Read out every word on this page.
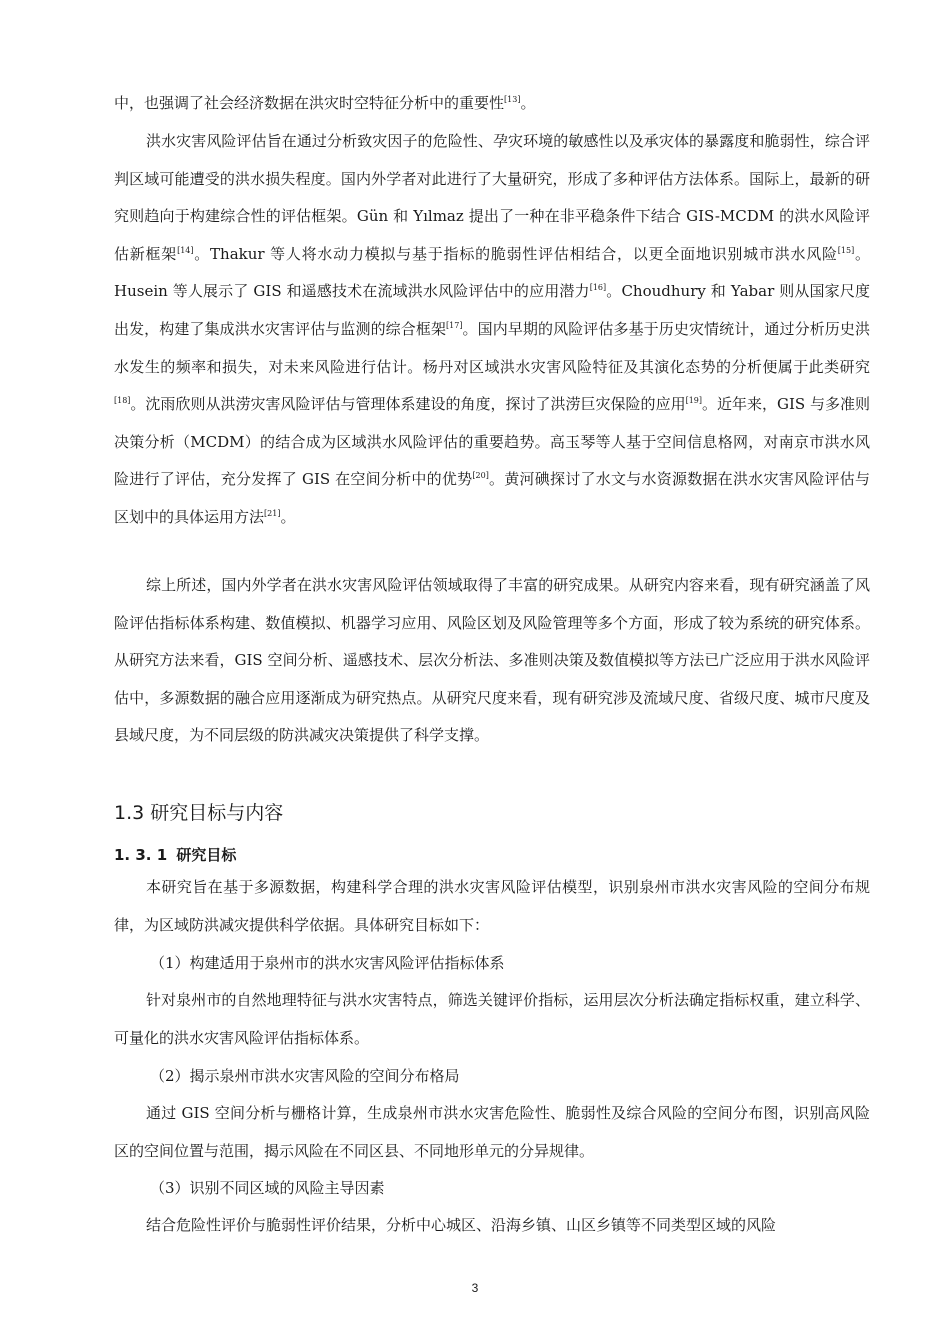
中，也强调了社会经济数据在洪灾时空特征分析中的重要性[13]。

洪水灾害风险评估旨在通过分析致灾因子的危险性、孕灾环境的敏感性以及承灾体的暴露度和脆弱性，综合评判区域可能遭受的洪水损失程度。国内外学者对此进行了大量研究，形成了多种评估方法体系。国际上，最新的研究则趋向于构建综合性的评估框架。Gün 和 Yılmaz 提出了一种在非平稳条件下结合 GIS-MCDM 的洪水风险评估新框架[14]。Thakur 等人将水动力模拟与基于指标的脆弱性评估相结合，以更全面地识别城市洪水风险[15]。Husein 等人展示了 GIS 和遥感技术在流域洪水风险评估中的应用潜力[16]。Choudhury 和 Yabar 则从国家尺度出发，构建了集成洪水灾害评估与监测的综合框架[17]。国内早期的风险评估多基于历史灾情统计，通过分析历史洪水发生的频率和损失，对未来风险进行估计。杨丹对区域洪水灾害风险特征及其演化态势的分析便属于此类研究[18]。沈雨欣则从洪涝灾害风险评估与管理体系建设的角度，探讨了洪涝巨灾保险的应用[19]。近年来，GIS 与多准则决策分析（MCDM）的结合成为区域洪水风险评估的重要趋势。高玉琴等人基于空间信息格网，对南京市洪水风险进行了评估，充分发挥了 GIS 在空间分析中的优势[20]。黄河碘探讨了水文与水资源数据在洪水灾害风险评估与区划中的具体运用方法[21]。

综上所述，国内外学者在洪水灾害风险评估领域取得了丰富的研究成果。从研究内容来看，现有研究涵盖了风险评估指标体系构建、数值模拟、机器学习应用、风险区划及风险管理等多个方面，形成了较为系统的研究体系。从研究方法来看，GIS 空间分析、遥感技术、层次分析法、多准则决策及数值模拟等方法已广泛应用于洪水风险评估中，多源数据的融合应用逐渐成为研究热点。从研究尺度来看，现有研究涉及流域尺度、省级尺度、城市尺度及县域尺度，为不同层级的防洪减灾决策提供了科学支撑。

1.3 研究目标与内容
1. 3. 1 研究目标

本研究旨在基于多源数据，构建科学合理的洪水灾害风险评估模型，识别泉州市洪水灾害风险的空间分布规律，为区域防洪减灾提供科学依据。具体研究目标如下：

（1）构建适用于泉州市的洪水灾害风险评估指标体系

针对泉州市的自然地理特征与洪水灾害特点，筛选关键评价指标，运用层次分析法确定指标权重，建立科学、可量化的洪水灾害风险评估指标体系。

（2）揭示泉州市洪水灾害风险的空间分布格局

通过 GIS 空间分析与栅格计算，生成泉州市洪水灾害危险性、脆弱性及综合风险的空间分布图，识别高风险区的空间位置与范围，揭示风险在不同区县、不同地形单元的分异规律。

（3）识别不同区域的风险主导因素

结合危险性评价与脆弱性评价结果，分析中心城区、沿海乡镇、山区乡镇等不同类型区域的风险

3
